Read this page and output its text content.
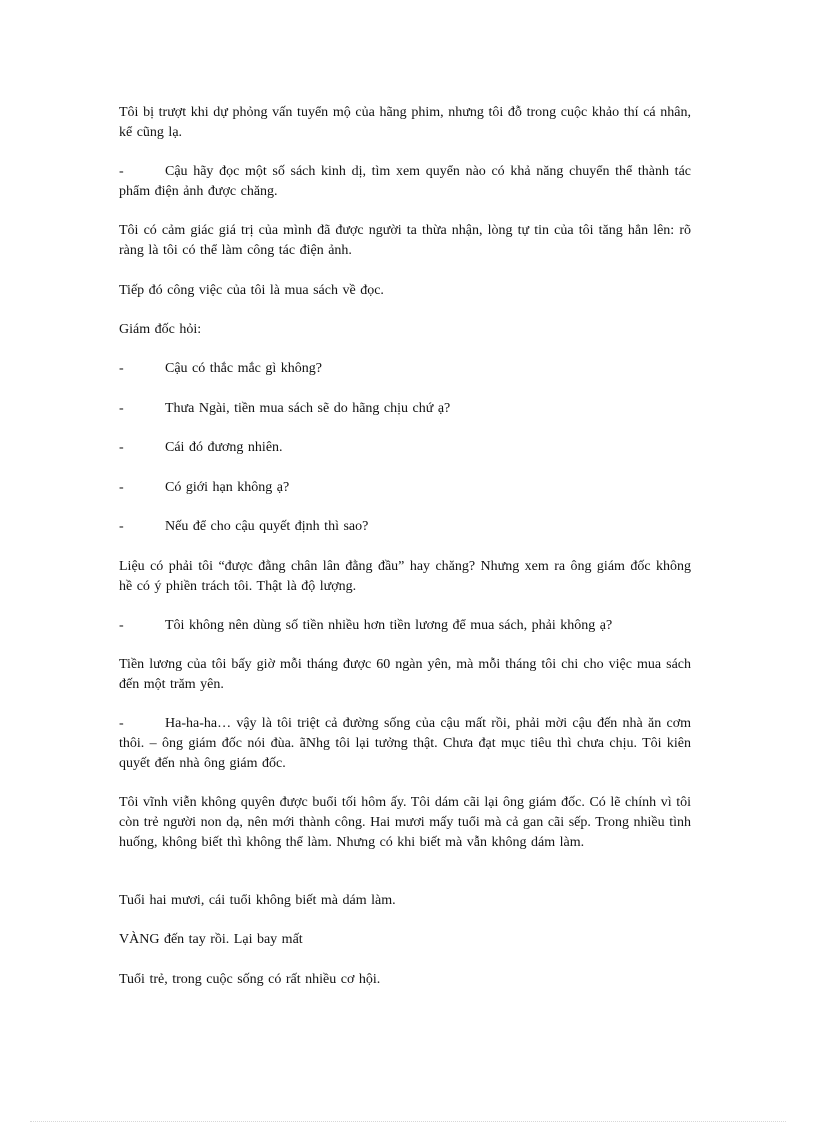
Tôi bị trượt khi dự phỏng vấn tuyển mộ của hãng phim, nhưng tôi đỗ trong cuộc khảo thí cá nhân, kể cũng lạ.

-	Cậu hãy đọc một số sách kinh dị, tìm xem quyển nào có khả năng chuyển thể thành tác phẩm điện ảnh được chăng.

Tôi có cảm giác giá trị của mình đã được người ta thừa nhận, lòng tự tin của tôi tăng hẳn lên: rõ ràng là tôi có thể làm công tác điện ảnh.

Tiếp đó công việc của tôi là mua sách về đọc.

Giám đốc hỏi:

-	Cậu có thắc mắc gì không?
-	Thưa Ngài, tiền mua sách sẽ do hãng chịu chứ ạ?
-	Cái đó đương nhiên.
-	Có giới hạn không ạ?
-	Nếu để cho cậu quyết định thì sao?

Liệu có phải tôi “được đằng chân lân đằng đầu” hay chăng? Nhưng xem ra ông giám đốc không hề có ý phiền trách tôi. Thật là độ lượng.

-	Tôi không nên dùng số tiền nhiều hơn tiền lương để mua sách, phải không ạ?

Tiền lương của tôi bấy giờ mỗi tháng được 60 ngàn yên, mà mỗi tháng tôi chi cho việc mua sách đến một trăm yên.

-	Ha-ha-ha… vậy là tôi triệt cả đường sống của cậu mất rồi, phải mời cậu đến nhà ăn cơm thôi. – ông giám đốc nói đùa. ãNhg tôi lại tưởng thật. Chưa đạt mục tiêu thì chưa chịu. Tôi kiên quyết đến nhà ông giám đốc.

Tôi vĩnh viễn không quyên được buổi tối hôm ấy. Tôi dám cãi lại ông giám đốc. Có lẽ chính vì tôi còn trẻ người non dạ, nên mới thành công. Hai mươi mấy tuổi mà cả gan cãi sếp. Trong nhiều tình huống, không biết thì không thể làm. Nhưng có khi biết mà vẫn không dám làm.

Tuổi hai mươi, cái tuổi không biết mà dám làm.

VÀNG đến tay rồi. Lại bay mất

Tuổi trẻ, trong cuộc sống có rất nhiều cơ hội.
